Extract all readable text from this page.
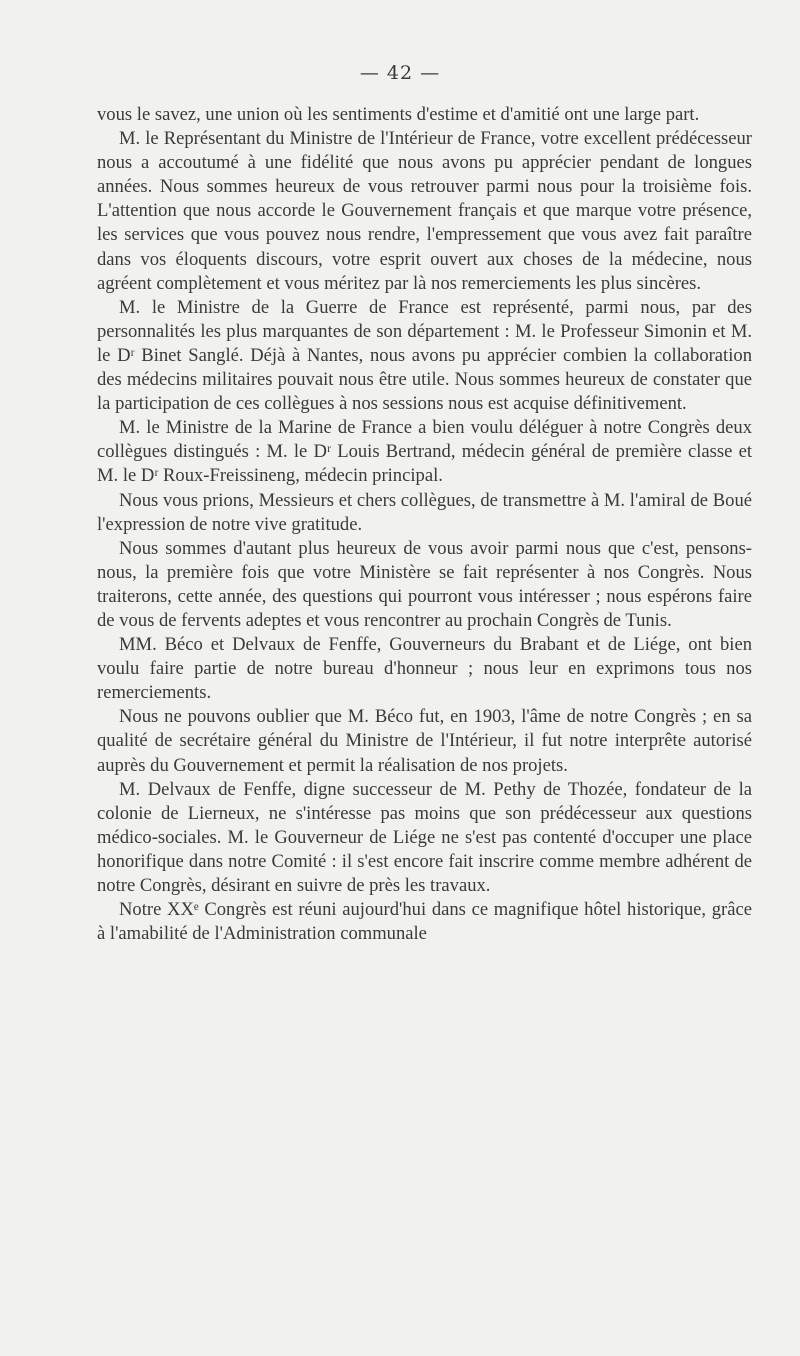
— 42 —

vous le savez, une union où les sentiments d'estime et d'amitié ont une large part.

M. le Représentant du Ministre de l'Intérieur de France, votre excellent prédécesseur nous a accoutumé à une fidélité que nous avons pu apprécier pendant de longues années. Nous sommes heureux de vous retrouver parmi nous pour la troisième fois. L'attention que nous accorde le Gouvernement français et que marque votre présence, les services que vous pouvez nous rendre, l'empressement que vous avez fait paraître dans vos éloquents discours, votre esprit ouvert aux choses de la médecine, nous agréent complètement et vous méritez par là nos remerciements les plus sincères.

M. le Ministre de la Guerre de France est représenté, parmi nous, par des personnalités les plus marquantes de son département : M. le Professeur Simonin et M. le Dʳ Binet Sanglé. Déjà à Nantes, nous avons pu apprécier combien la collaboration des médecins militaires pouvait nous être utile. Nous sommes heureux de constater que la participation de ces collègues à nos sessions nous est acquise définitivement.

M. le Ministre de la Marine de France a bien voulu déléguer à notre Congrès deux collègues distingués : M. le Dʳ Louis Bertrand, médecin général de première classe et M. le Dʳ Roux-Freissineng, médecin principal.

Nous vous prions, Messieurs et chers collègues, de transmettre à M. l'amiral de Boué l'expression de notre vive gratitude.

Nous sommes d'autant plus heureux de vous avoir parmi nous que c'est, pensons-nous, la première fois que votre Ministère se fait représenter à nos Congrès. Nous traiterons, cette année, des questions qui pourront vous intéresser ; nous espérons faire de vous de fervents adeptes et vous rencontrer au prochain Congrès de Tunis.

MM. Béco et Delvaux de Fenffe, Gouverneurs du Brabant et de Liége, ont bien voulu faire partie de notre bureau d'honneur ; nous leur en exprimons tous nos remerciements.

Nous ne pouvons oublier que M. Béco fut, en 1903, l'âme de notre Congrès ; en sa qualité de secrétaire général du Ministre de l'Intérieur, il fut notre interprête autorisé auprès du Gouvernement et permit la réalisation de nos projets.

M. Delvaux de Fenffe, digne successeur de M. Pethy de Thozée, fondateur de la colonie de Lierneux, ne s'intéresse pas moins que son prédécesseur aux questions médico-sociales. M. le Gouverneur de Liége ne s'est pas contenté d'occuper une place honorifique dans notre Comité : il s'est encore fait inscrire comme membre adhérent de notre Congrès, désirant en suivre de près les travaux.

Notre XXᵉ Congrès est réuni aujourd'hui dans ce magnifique hôtel historique, grâce à l'amabilité de l'Administration communale
